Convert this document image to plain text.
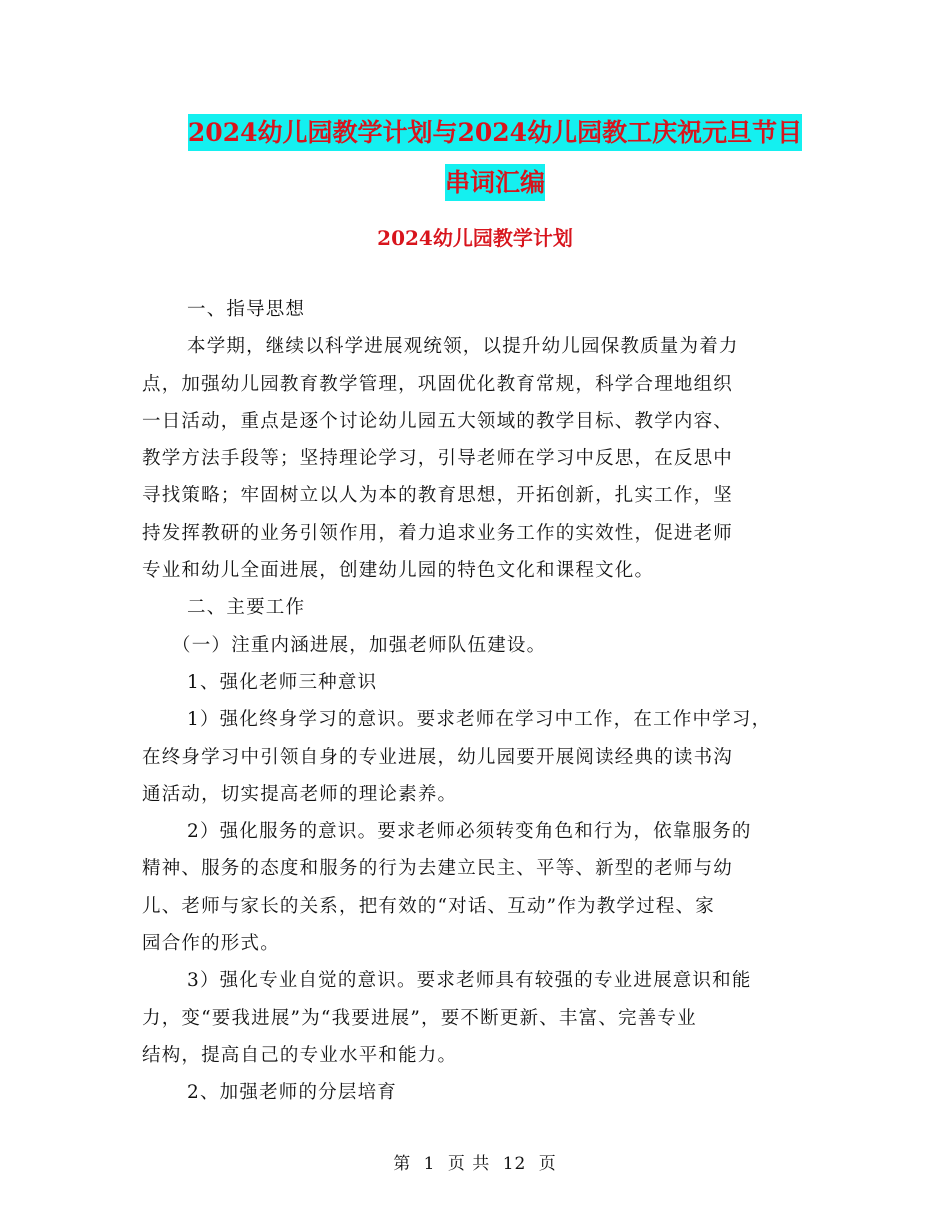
2024幼儿园教学计划与2024幼儿园教工庆祝元旦节目
串词汇编
2024幼儿园教学计划
一、指导思想
本学期，继续以科学进展观统领，以提升幼儿园保教质量为着力
点，加强幼儿园教育教学管理，巩固优化教育常规，科学合理地组织
一日活动，重点是逐个讨论幼儿园五大领域的教学目标、教学内容、
教学方法手段等；坚持理论学习，引导老师在学习中反思，在反思中
寻找策略；牢固树立以人为本的教育思想，开拓创新，扎实工作，坚
持发挥教研的业务引领作用，着力追求业务工作的实效性，促进老师
专业和幼儿全面进展，创建幼儿园的特色文化和课程文化。
二、主要工作
（一）注重内涵进展，加强老师队伍建设。
1、强化老师三种意识
1）强化终身学习的意识。要求老师在学习中工作，在工作中学习，
在终身学习中引领自身的专业进展，幼儿园要开展阅读经典的读书沟
通活动，切实提高老师的理论素养。
2）强化服务的意识。要求老师必须转变角色和行为，依靠服务的
精神、服务的态度和服务的行为去建立民主、平等、新型的老师与幼
儿、老师与家长的关系，把有效的“对话、互动”作为教学过程、家
园合作的形式。
3）强化专业自觉的意识。要求老师具有较强的专业进展意识和能
力，变“要我进展”为“我要进展”，要不断更新、丰富、完善专业
结构，提高自己的专业水平和能力。
2、加强老师的分层培育
第 1 页 共 12 页
